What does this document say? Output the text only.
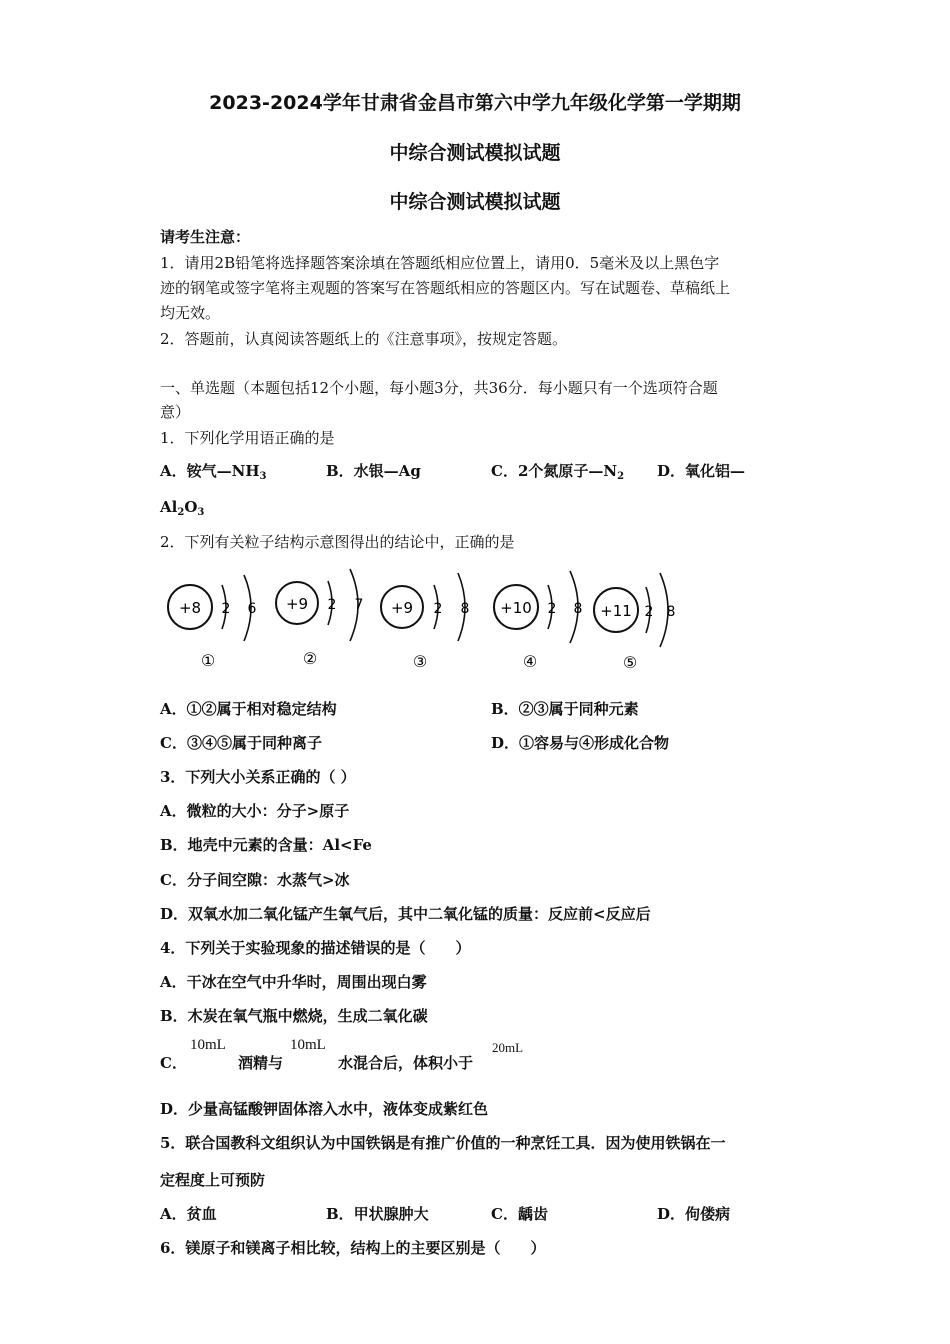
2023-2024学年甘肃省金昌市第六中学九年级化学第一学期期
中综合测试模拟试题
中综合测试模拟试题
请考生注意：
1．请用2B铅笔将选择题答案涂填在答题纸相应位置上，请用0．5毫米及以上黑色字
迹的钢笔或签字笔将主观题的答案写在答题纸相应的答题区内。写在试题卷、草稿纸上
均无效。
2．答题前，认真阅读答题纸上的《注意事项》，按规定答题。
一、单选题（本题包括12个小题，每小题3分，共36分．每小题只有一个选项符合题
意）
1．下列化学用语正确的是
A．铵气$—NH_3$	B．水银—Ag	C．2个氮原子$—N_2$ D．氧化铝—
$Al_2O_3$
2．下列有关粒子结构示意图得出的结论中，正确的是
+8 2 6
①
+9 2 7
②
+9 2 8
③
+10 2 8
④
+11 2 8
⑤
A．①②属于相对稳定结构	B．②③属于同种元素
C．③④⑤属于同种离子	D．①容易与④形成化合物
3．下列大小关系正确的（ ）
A．微粒的大小：分子>原子
B．地壳中元素的含量：Al<Fe
C．分子间空隙：水蒸气>冰
D．双氧水加二氧化锰产生氧气后，其中二氧化锰的质量：反应前<反应后
4．下列关于实验现象的描述错误的是（　　）
A．干冰在空气中升华时，周围出现白雾
B．木炭在氧气瓶中燃烧，生成二氧化碳
C．
10mL
酒精与
10mL
水混合后，体积小于
20mL
D．少量高锰酸钾固体溶入水中，液体变成紫红色
5．联合国教科文组织认为中国铁锅是有推广价值的一种烹饪工具．因为使用铁锅在一
定程度上可预防
A．贫血	B．甲状腺肿大	C．龋齿	D．佝偻病
6．镁原子和镁离子相比较，结构上的主要区别是（　　）
